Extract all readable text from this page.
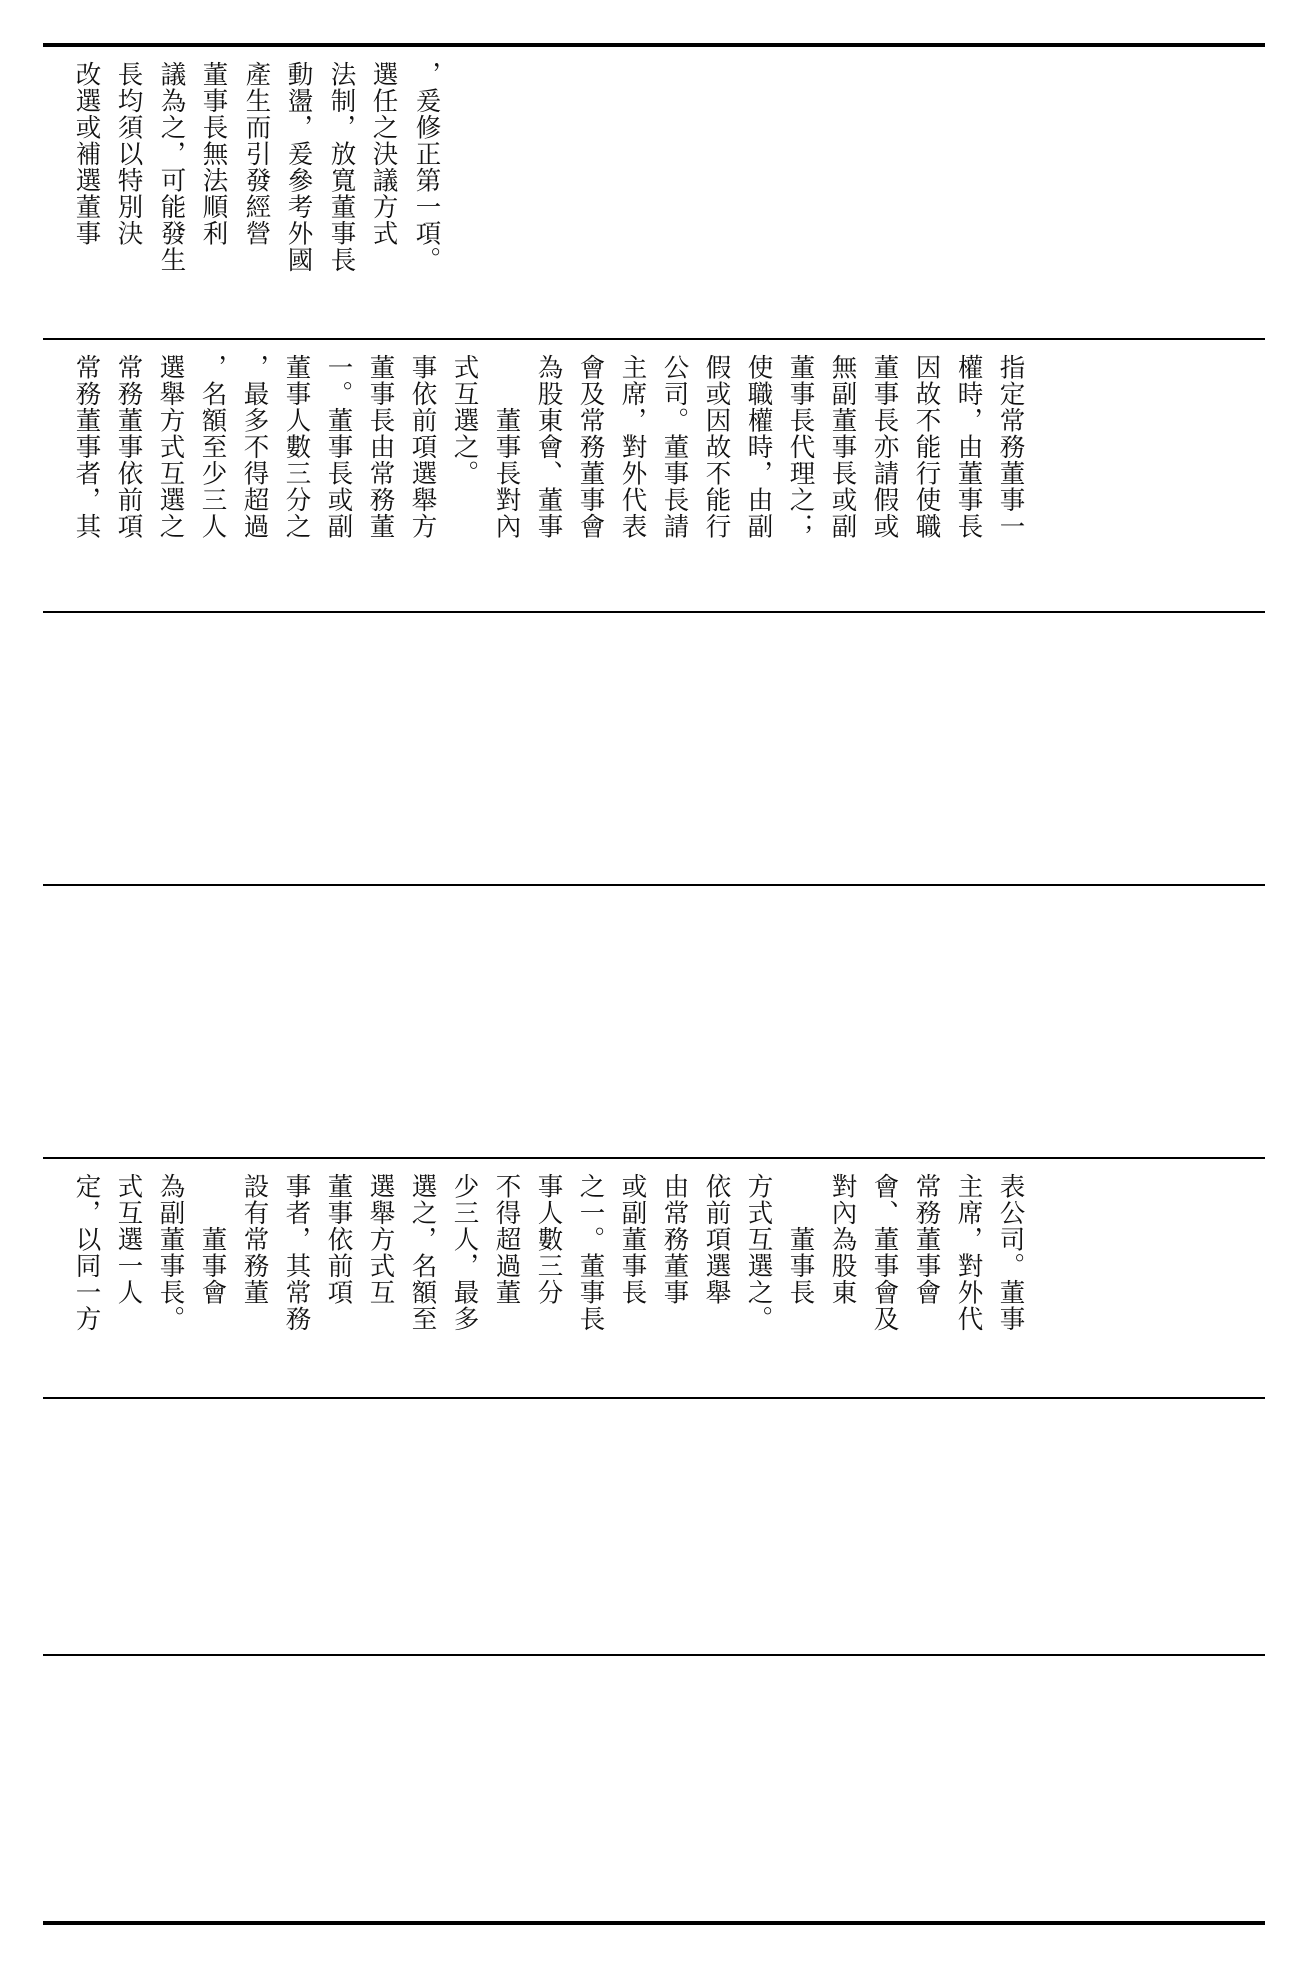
改選或補選董事 長均須以特別決 議為之，可能發生 董事長無法順利 產生而引發經營 動盪，爰參考外國 法制，放寬董事長 選任之決議方式 ，爰修正第一項。
常務董事者，其 常務董事依前項 選舉方式互選之 ，名額至少三人 ，最多不得超過 董事人數三分之 一。董事長或副 董事長由常務董 事依前項選舉方 式互選之。 　　董事長對內 為股東會、董事 會及常務董事會 主席，對外代表 公司。董事長請 假或因故不能行 使職權時，由副 董事長代理之； 無副董事長或副 董事長亦請假或 因故不能行使職 權時，由董事長 指定常務董事一
定，以同一方 式互選一人 為副董事長。 　　董事會 設有常務董 事者，其常務 董事依前項 選舉方式互 選之，名額至 少三人，最多 不得超過董 事人數三分 之一。董事長 或副董事長 由常務董事 依前項選舉 方式互選之。 　　董事長 對內為股東 會、董事會及 常務董事會 主席，對外代 表公司。董事
